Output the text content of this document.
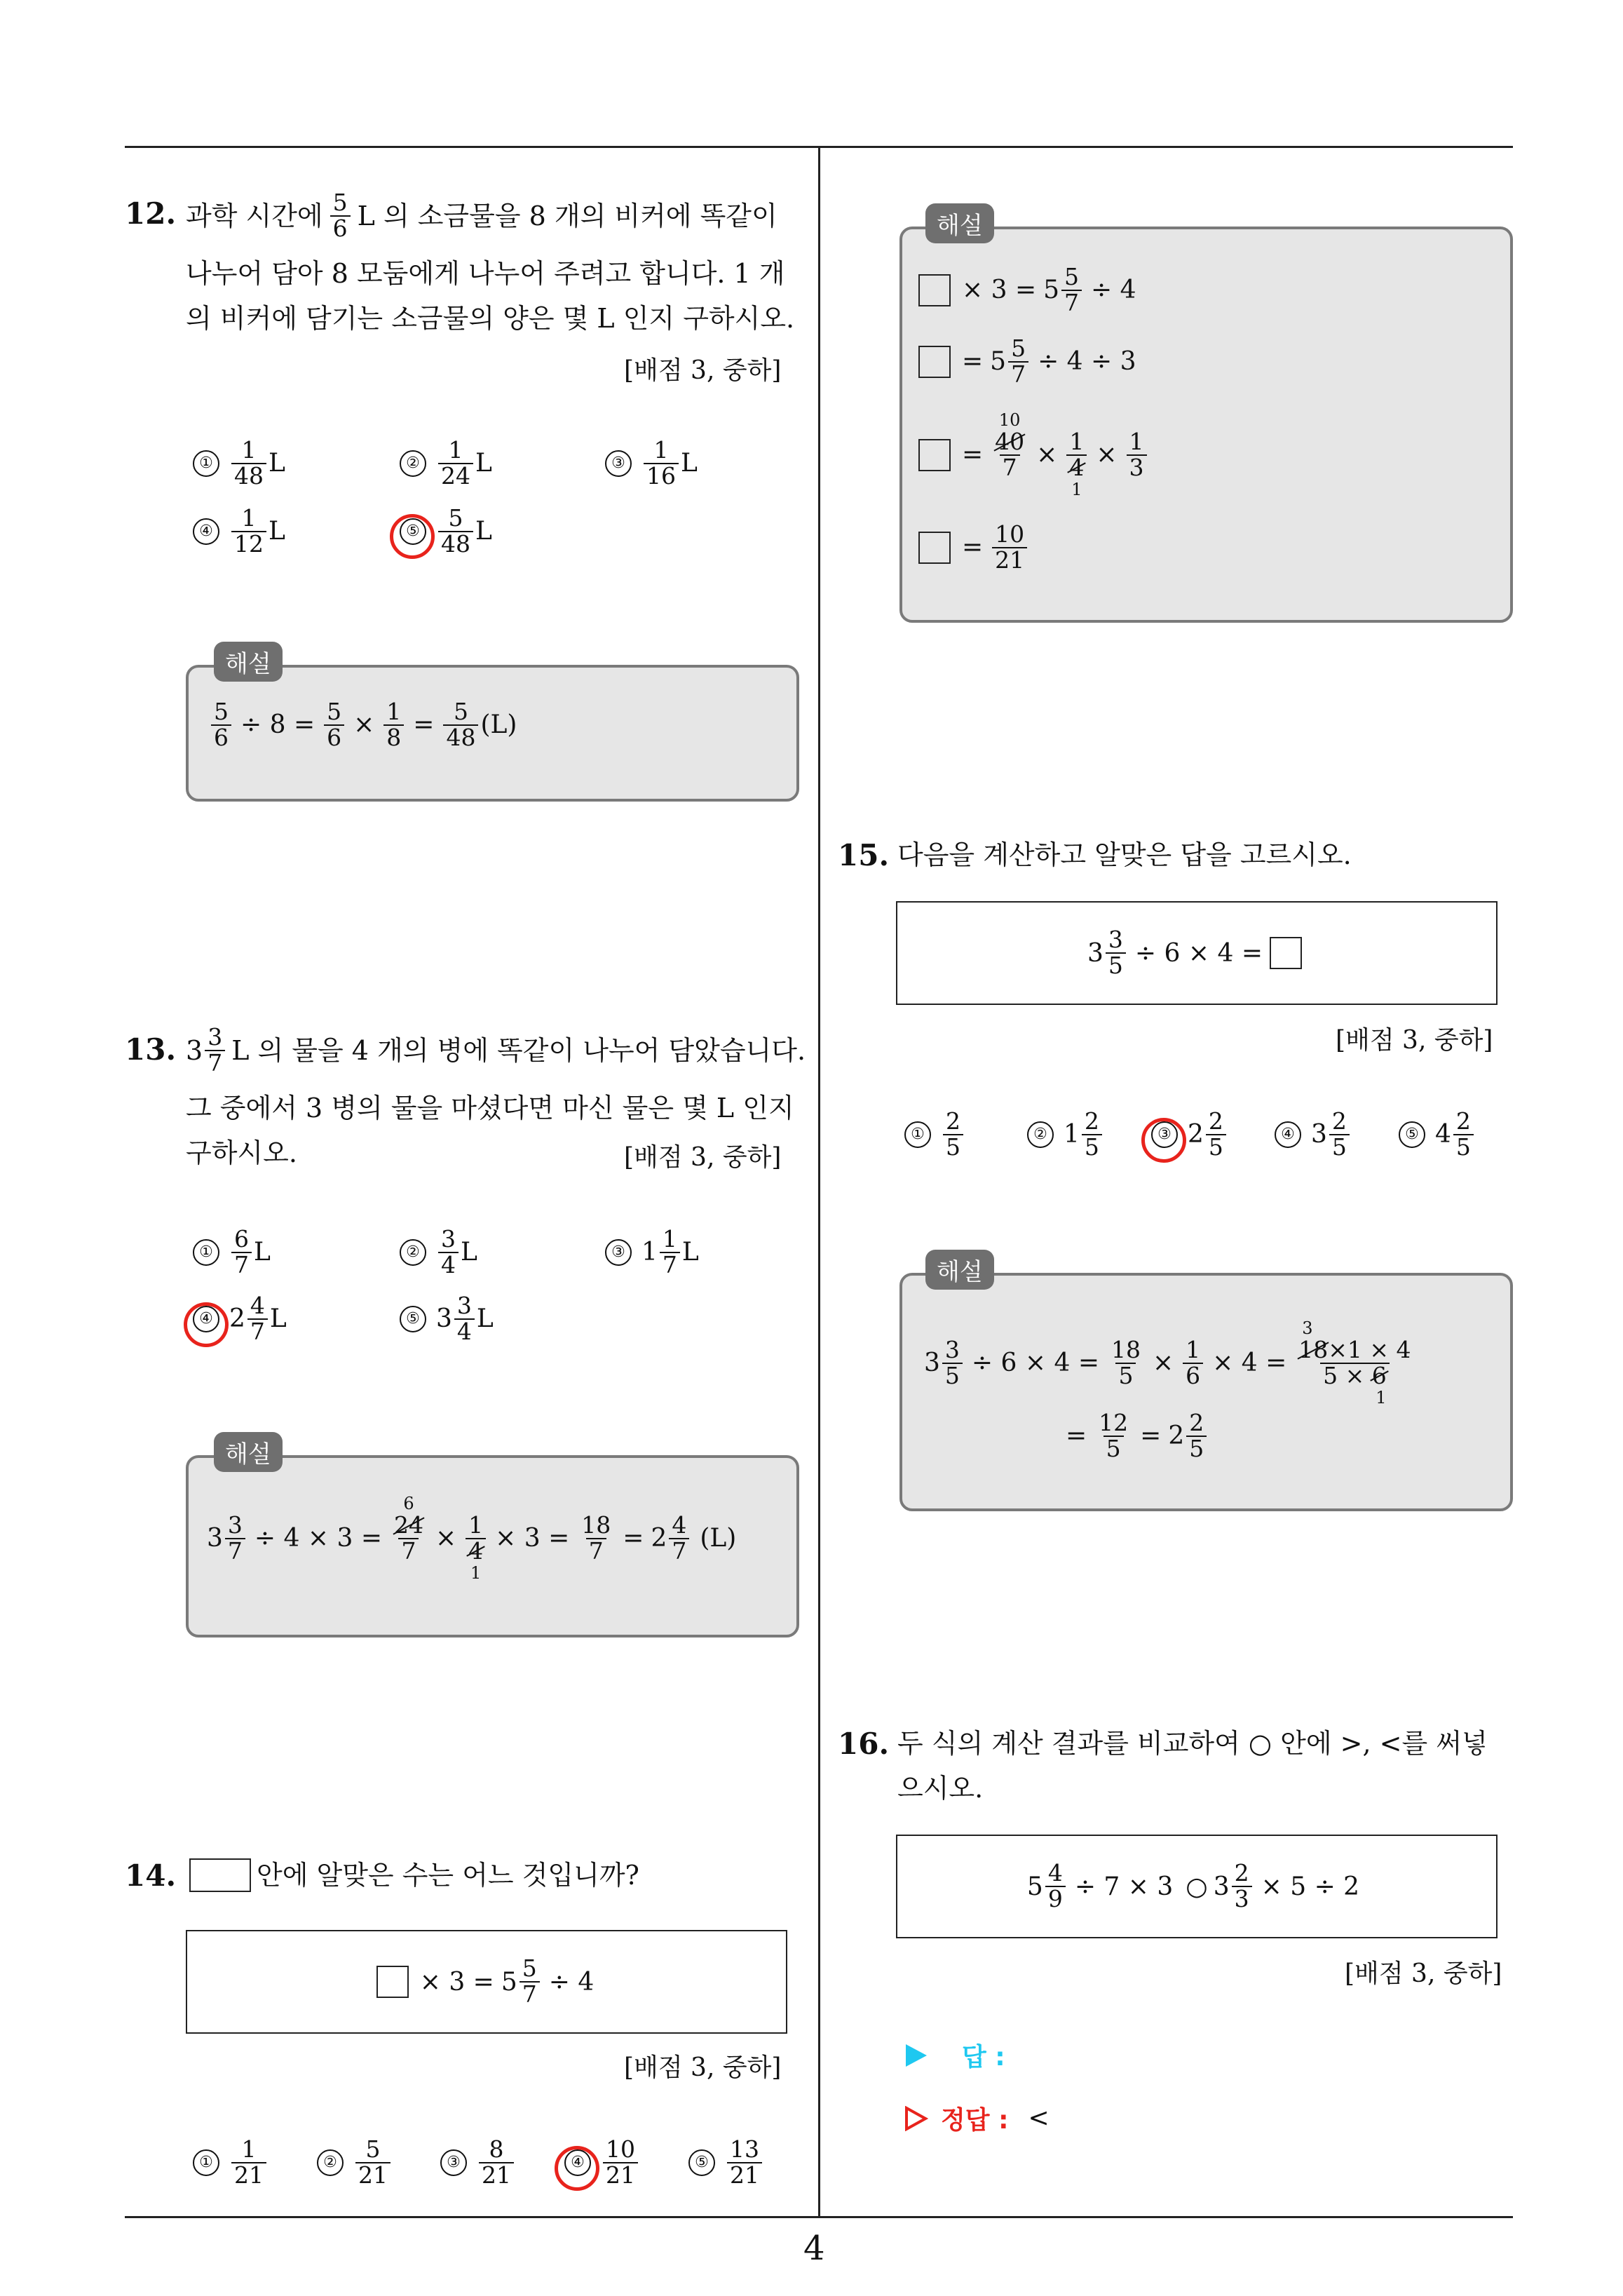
12. 과학 시간에 $\frac{5}{6}$ L 의 소금물을 8 개의 비커에 똑같이
나누어 담아 8 모둠에게 나누어 주려고 합니다. 1 개
의 비커에 담기는 소금물의 양은 몇 L 인지 구하시오.
[배점 3, 중하]
① $\frac{1}{48}$ L	② $\frac{1}{24}$ L	③ $\frac{1}{16}$ L
④ $\frac{1}{12}$ L	⑤ $\frac{5}{48}$ L
해설
$\frac{5}{6} \div 8 = \frac{5}{6} \times \frac{1}{8} = \frac{5}{48} (L)$
13. $3 \frac{3}{7}$ L 의 물을 4 개의 병에 똑같이 나누어 담았습니다.
그 중에서 3 병의 물을 마셨다면 마신 물은 몇 L 인지
구하시오.	[배점 3, 중하]
① $\frac{6}{7}$ L	② $\frac{3}{4}$ L	③ $1 \frac{1}{7}$ L
④ $2 \frac{4}{7}$ L	⑤ $3 \frac{3}{4}$ L
해설
$3 \frac{3}{7} \div 4 \times 3$ =
6
$\frac{24}{7}$
×
$\frac{1}{4}$
1
× $3 = \frac{18}{7} = 2 \frac{4}{7} (L)$
14.	안에 알맞은 수는 어느 것입니까?
× $3 = 5 \frac{5}{7} \div 4$
[배점 3, 중하]
① $\frac{1}{21}$	② $\frac{5}{21}$	③ $\frac{8}{21}$	④ $\frac{10}{21}$	⑤ $\frac{13}{21}$
해설
× $3 = 5 \frac{5}{7} \div 4$
= $5 \frac{5}{7} \div 4 \div 3$
=
10
$\frac{40}{7}$
×
$\frac{1}{4}$
1
× $\frac{1}{3}$
= $\frac{10}{21}$
15. 다음을 계산하고 알맞은 답을 고르시오.
$3 \frac{3}{5} \div 6 \times 4$ =
[배점 3, 중하]
① $\frac{2}{5}$	② $1 \frac{2}{5}$	③ $2 \frac{2}{5}$	④ $3 \frac{2}{5}$	⑤ $4 \frac{2}{5}$
해설
$3 \frac{3}{5} \div 6 \times 4 = \frac{18}{5} \times \frac{1}{6} \times 4$ =
3
$\frac{18\times 1 \times 4}{5 \times 6}$
1
= $\frac{12}{5} = 2 \frac{2}{5}$
16. 두 식의 계산 결과를 비교하여 ○ 안에 >, <를 써넣
으시오.
$5 \frac{4}{9} \div 7 \times 3$ ○ $3 \frac{2}{3} \times 5 \div 2$
[배점 3, 중하]
답 :
정답 : <
4
